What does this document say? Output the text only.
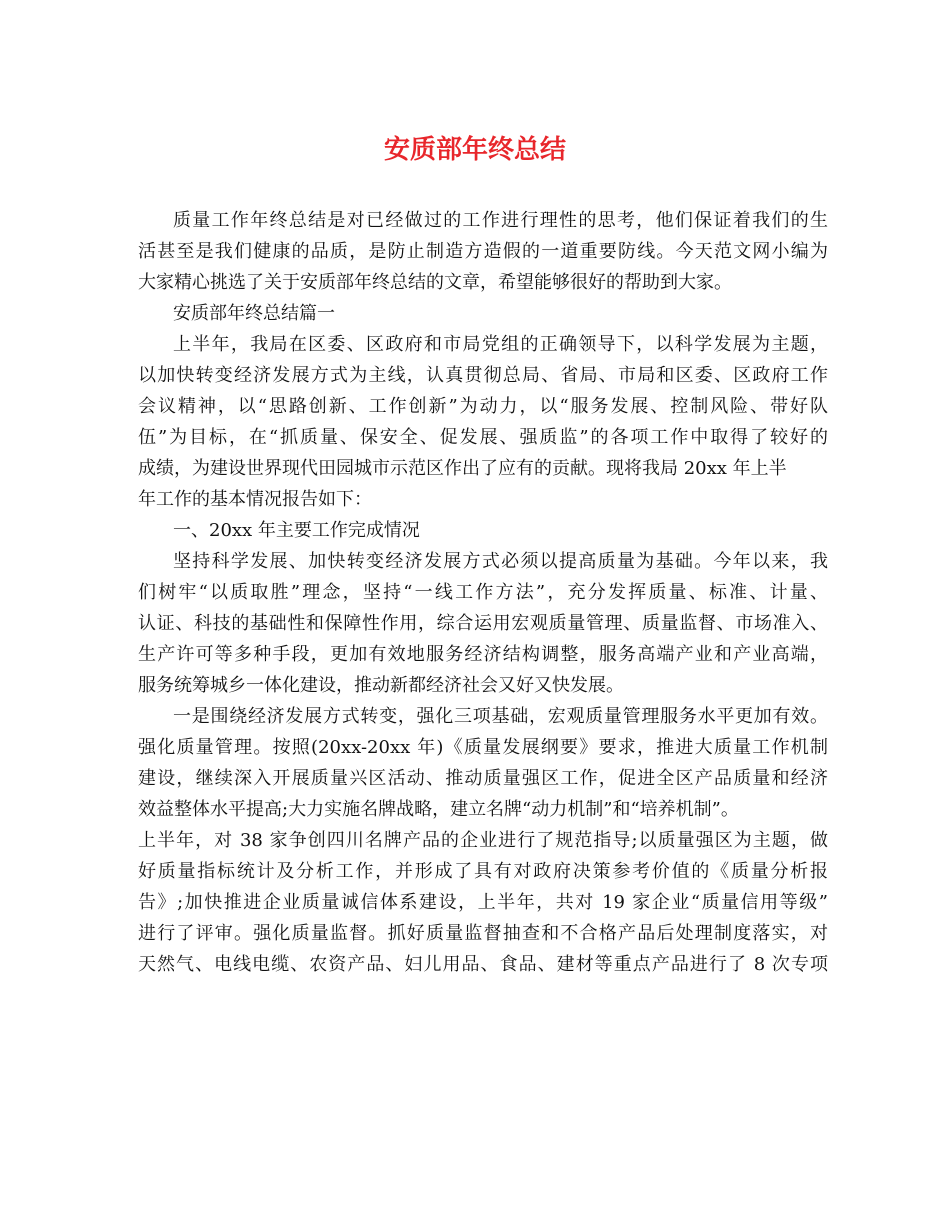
安质部年终总结
质量工作年终总结是对已经做过的工作进行理性的思考，他们保证着我们的生
活甚至是我们健康的品质，是防止制造方造假的一道重要防线。今天范文网小编为
大家精心挑选了关于安质部年终总结的文章，希望能够很好的帮助到大家。
安质部年终总结篇一
上半年，我局在区委、区政府和市局党组的正确领导下，以科学发展为主题，
以加快转变经济发展方式为主线，认真贯彻总局、省局、市局和区委、区政府工作
会议精神，以“思路创新、工作创新”为动力，以“服务发展、控制风险、带好队
伍”为目标，在“抓质量、保安全、促发展、强质监”的各项工作中取得了较好的
成绩，为建设世界现代田园城市示范区作出了应有的贡献。现将我局 20xx 年上半
年工作的基本情况报告如下：
一、20xx 年主要工作完成情况
坚持科学发展、加快转变经济发展方式必须以提高质量为基础。今年以来，我
们树牢“以质取胜”理念，坚持“一线工作方法”，充分发挥质量、标准、计量、
认证、科技的基础性和保障性作用，综合运用宏观质量管理、质量监督、市场准入、
生产许可等多种手段，更加有效地服务经济结构调整，服务高端产业和产业高端，
服务统筹城乡一体化建设，推动新都经济社会又好又快发展。
一是围绕经济发展方式转变，强化三项基础，宏观质量管理服务水平更加有效。
强化质量管理。按照(20xx-20xx 年)《质量发展纲要》要求，推进大质量工作机制
建设，继续深入开展质量兴区活动、推动质量强区工作，促进全区产品质量和经济
效益整体水平提高;大力实施名牌战略，建立名牌“动力机制”和“培养机制”。
上半年，对 38 家争创四川名牌产品的企业进行了规范指导;以质量强区为主题，做
好质量指标统计及分析工作，并形成了具有对政府决策参考价值的《质量分析报
告》;加快推进企业质量诚信体系建设，上半年，共对 19 家企业“质量信用等级”
进行了评审。强化质量监督。抓好质量监督抽查和不合格产品后处理制度落实，对
天然气、电线电缆、农资产品、妇儿用品、食品、建材等重点产品进行了 8 次专项
